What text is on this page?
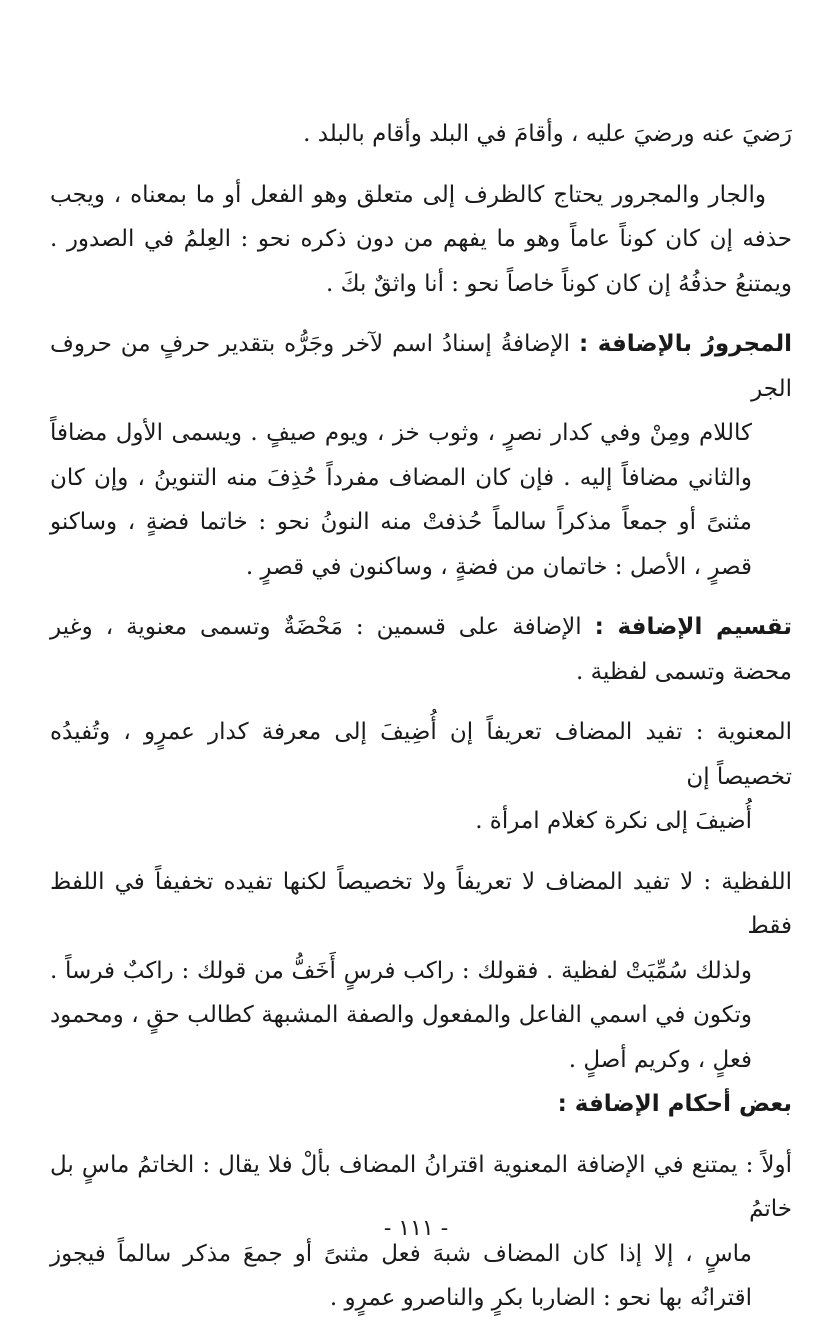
رَضيَ عنه ورضيَ عليه ، وأقامَ في البلد وأقام بالبلد .

والجار والمجرور يحتاج كالظرف إلى متعلق وهو الفعل أو ما بمعناه ، ويجب حذفه إن كان كوناً عاماً وهو ما يفهم من دون ذكره نحو : العِلمُ في الصدور . ويمتنعُ حذفُهُ إن كان كوناً خاصاً نحو : أنا واثقٌ بكَ .

المجرورُ بالإضافة : الإضافةُ إسنادُ اسم لآخر وجَرُّه بتقدير حرفٍ من حروف الجر
كاللام ومِنْ وفي كدار نصرٍ ، وثوب خز ، ويوم صيفٍ . ويسمى الأول مضافاً والثاني مضافاً إليه . فإن كان المضاف مفرداً حُذِفَ منه التنوينُ ، وإن كان مثنىً أو جمعاً مذكراً سالماً حُذفتْ منه النونُ نحو : خاتما فضةٍ ، وساكنو قصرٍ ، الأصل : خاتمان من فضةٍ ، وساكنون في قصرٍ .
تقسيم الإضافة : الإضافة على قسمين : مَحْضَةٌ وتسمى معنوية ، وغير محضة وتسمى لفظية .
المعنوية : تفيد المضاف تعريفاً إن أُضِيفَ إلى معرفة كدار عمرٍو ، وتُفيدُه تخصيصاً إن
أُضيفَ إلى نكرة كغلام امرأة .
اللفظية : لا تفيد المضاف لا تعريفاً ولا تخصيصاً لكنها تفيده تخفيفاً في اللفظ فقط
ولذلك سُمِّيَتْ لفظية . فقولك : راكب فرسٍ أَخَفُّ من قولك : راكبٌ فرساً . وتكون في اسمي الفاعل والمفعول والصفة المشبهة كطالب حقٍ ، ومحمود فعلٍ ، وكريم أصلٍ .

بعض أحكام الإضافة :

أولاً : يمتنع في الإضافة المعنوية اقترانُ المضاف بألْ فلا يقال : الخاتمُ ماسٍ بل خاتمُ
ماسٍ ، إلا إذا كان المضاف شبهَ فعل مثنىً أو جمعَ مذكر سالماً فيجوز اقترانُه بها نحو : الضاربا بكرٍ والناصرو عمرٍو .
- ١١١ -
